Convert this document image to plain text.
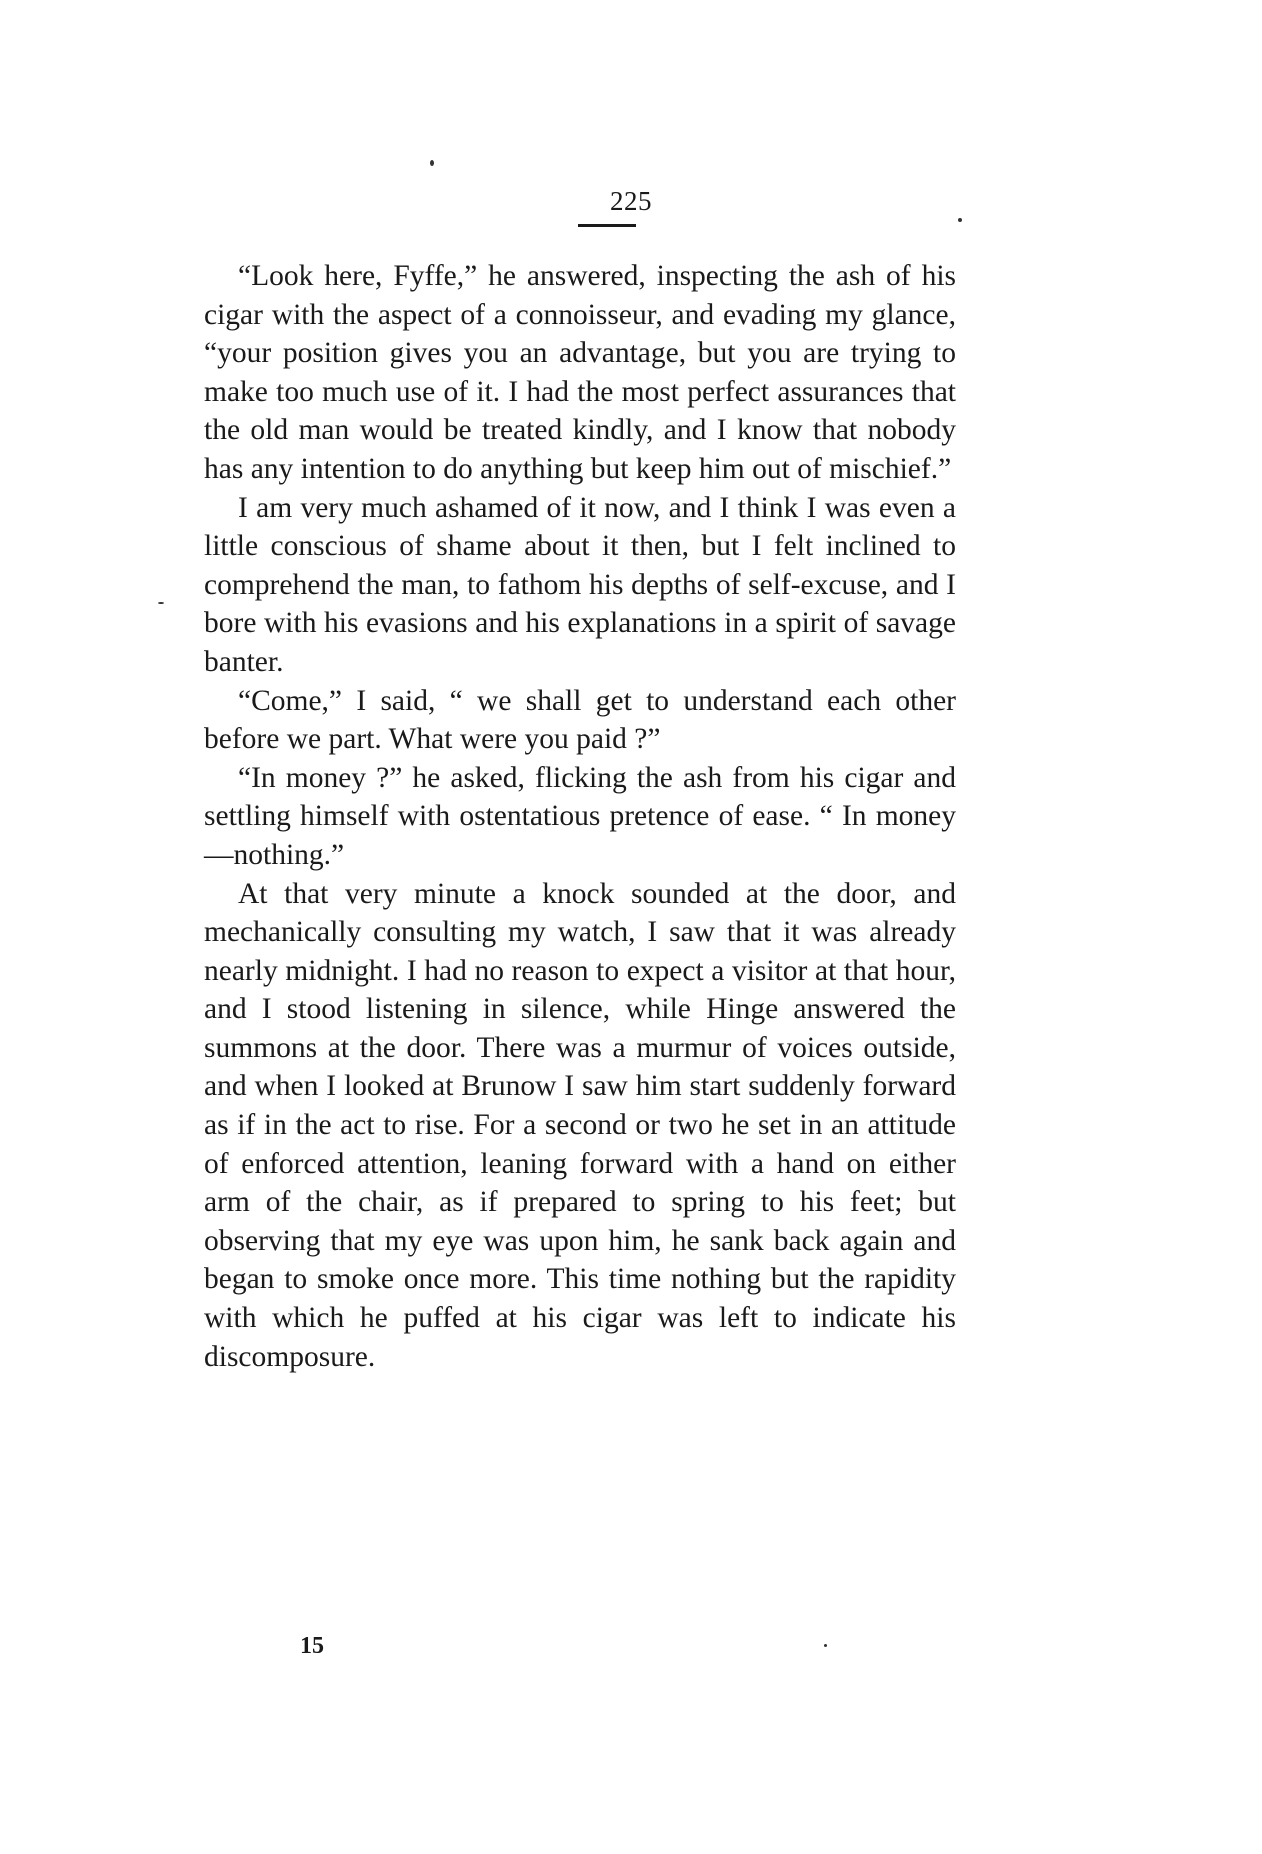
225

“Look here, Fyffe,” he answered, inspecting the ash of his cigar with the aspect of a connoisseur, and evading my glance, “your position gives you an advantage, but you are trying to make too much use of it. I had the most perfect assurances that the old man would be treated kindly, and I know that nobody has any intention to do anything but keep him out of mischief.”

I am very much ashamed of it now, and I think I was even a little conscious of shame about it then, but I felt inclined to comprehend the man, to fathom his depths of self-excuse, and I bore with his evasions and his explanations in a spirit of savage banter.

“Come,” I said, “ we shall get to understand each other before we part. What were you paid ?”

“In money ?” he asked, flicking the ash from his cigar and settling himself with ostentatious pretence of ease. “ In money—nothing.”

At that very minute a knock sounded at the door, and mechanically consulting my watch, I saw that it was already nearly midnight. I had no reason to expect a visitor at that hour, and I stood listening in silence, while Hinge answered the summons at the door. There was a murmur of voices outside, and when I looked at Brunow I saw him start suddenly forward as if in the act to rise. For a second or two he set in an attitude of enforced attention, leaning forward with a hand on either arm of the chair, as if prepared to spring to his feet; but observing that my eye was upon him, he sank back again and began to smoke once more. This time nothing but the rapidity with which he puffed at his cigar was left to indicate his discomposure.

15
